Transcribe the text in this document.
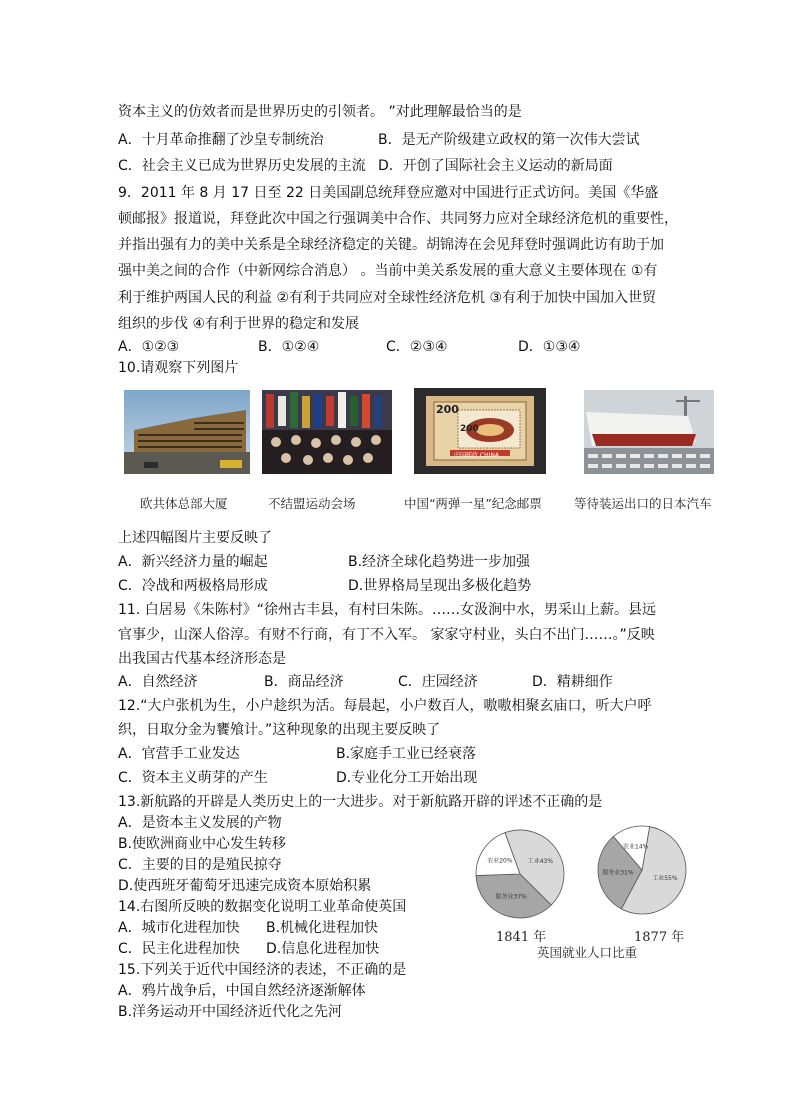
资本主义的仿效者而是世界历史的引领者。 ”对此理解最恰当的是
A．十月革命推翻了沙皇专制统治	B．是无产阶级建立政权的第一次伟大尝试
C．社会主义已成为世界历史发展的主流 D．开创了国际社会主义运动的新局面
9．2011 年 8 月 17 日至 22 日美国副总统拜登应邀对中国进行正式访问。美国《华盛
顿邮报》报道说，拜登此次中国之行强调美中合作、共同努力应对全球经济危机的重要性，
并指出强有力的美中关系是全球经济稳定的关键。胡锦涛在会见拜登时强调此访有助于加
强中美之间的合作（中新网综合消息） 。当前中美关系发展的重大意义主要体现在 ①有
利于维护两国人民的利益 ②有利于共同应对全球性经济危机 ③有利于加快中国加入世贸
组织的步伐 ④有利于世界的稳定和发展
A．①②③	B．①②④	C．②③④	D．①③④
10.请观察下列图片
200
200
中国邮政 CHINA
欧共体总部大厦	不结盟运动会场	中国“两弹一星”纪念邮票	等待装运出口的日本汽车
上述四幅图片主要反映了
A．新兴经济力量的崛起	B.经济全球化趋势进一步加强
C．冷战和两极格局形成	D.世界格局呈现出多极化趋势
11. 白居易《朱陈村》“徐州古丰县，有村曰朱陈。……女汲涧中水，男采山上薪。县远
官事少，山深人俗淳。有财不行商，有丁不入军。 家家守村业，头白不出门……。”反映
出我国古代基本经济形态是
A．自然经济	B．商品经济	C．庄园经济	D．精耕细作
12.“大户张机为生，小户趁织为活。每晨起，小户数百人，嗷嗷相聚玄庙口，听大户呼
织，日取分金为饔飧计。”这种现象的出现主要反映了
A．官营手工业发达	B.家庭手工业已经衰落
C．资本主义萌芽的产生	D.专业化分工开始出现
13.新航路的开辟是人类历史上的一大进步。对于新航路开辟的评述不正确的是
A．是资本主义发展的产物
B.使欧洲商业中心发生转移
C．主要的目的是殖民掠夺
D.使西班牙葡萄牙迅速完成资本原始积累
14.右图所反映的数据变化说明工业革命使英国
A．城市化进程加快 B.机械化进程加快
C．民主化进程加快 D.信息化进程加快
15.下列关于近代中国经济的表述，不正确的是
A．鸦片战争后，中国自然经济逐渐解体
B.洋务运动开中国经济近代化之先河
工业43%
服务业37%
农业20%
工业55%
服务业31%
农业14%
1841 年	1877 年
英国就业人口比重
